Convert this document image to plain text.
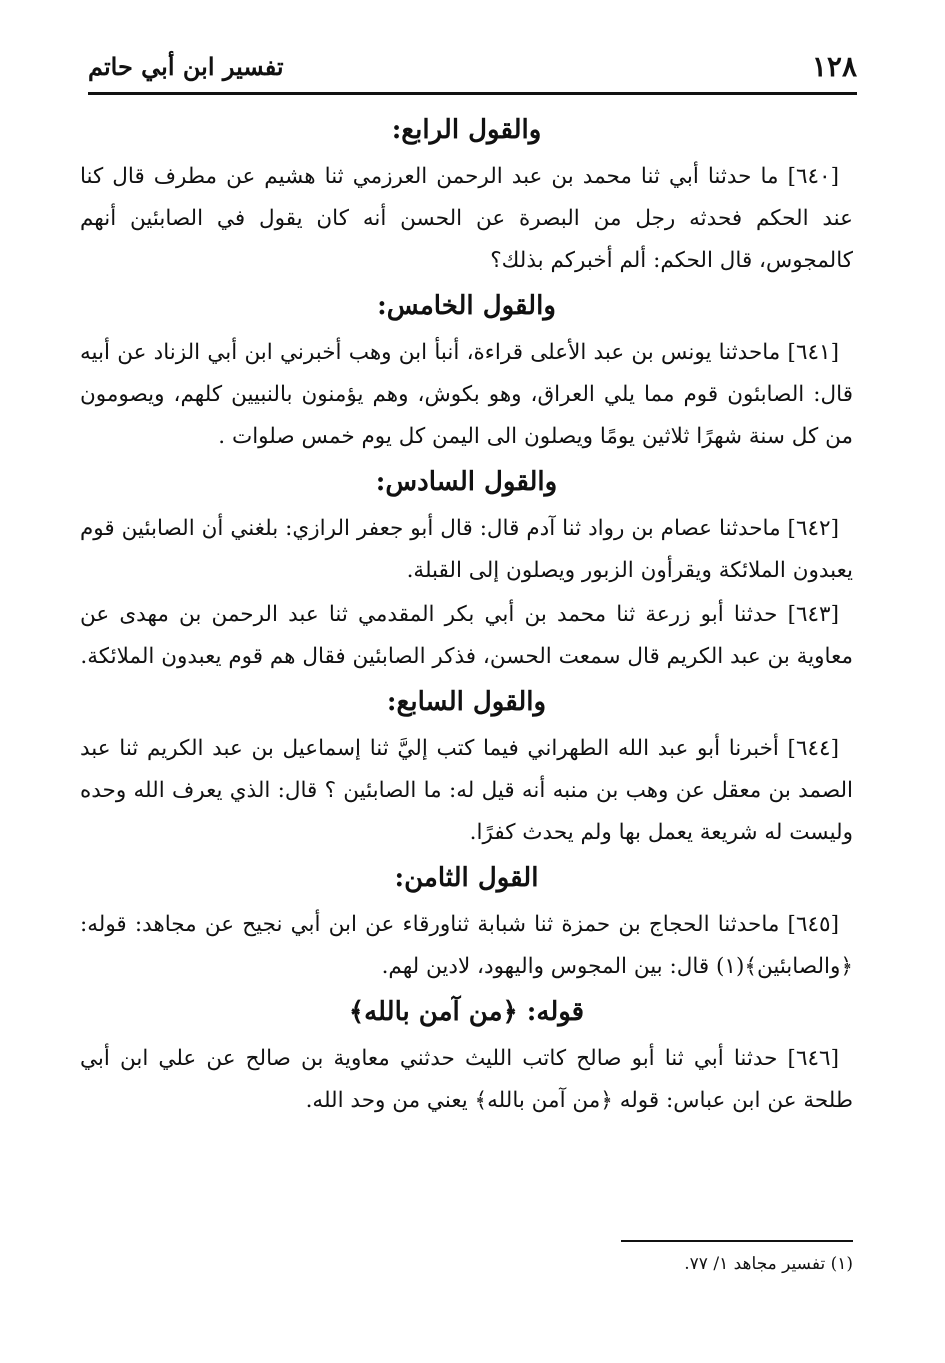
١٢٨
تفسير ابن أبي حاتم
والقول الرابع:

[٦٤٠] ما حدثنا أبي ثنا محمد بن عبد الرحمن العرزمي ثنا هشيم عن مطرف قال كنا عند الحكم فحدثه رجل من البصرة عن الحسن أنه كان يقول في الصابئين أنهم كالمجوس، قال الحكم: ألم أخبركم بذلك؟

والقول الخامس:

[٦٤١] ماحدثنا يونس بن عبد الأعلى قراءة، أنبأ ابن وهب أخبرني ابن أبي الزناد عن أبيه قال: الصابئون قوم مما يلي العراق، وهو بكوش، وهم يؤمنون بالنبيين كلهم، ويصومون من كل سنة شهرًا ثلاثين يومًا ويصلون الى اليمن كل يوم خمس صلوات .

والقول السادس:

[٦٤٢] ماحدثنا عصام بن رواد ثنا آدم قال: قال أبو جعفر الرازي: بلغني أن الصابئين قوم يعبدون الملائكة ويقرأون الزبور ويصلون إلى القبلة.

[٦٤٣] حدثنا أبو زرعة ثنا محمد بن أبي بكر المقدمي ثنا عبد الرحمن بن مهدى عن معاوية بن عبد الكريم قال سمعت الحسن، فذكر الصابئين فقال هم قوم يعبدون الملائكة.

والقول السابع:

[٦٤٤] أخبرنا أبو عبد الله الطهراني فيما كتب إليَّ ثنا إسماعيل بن عبد الكريم ثنا عبد الصمد بن معقل عن وهب بن منبه أنه قيل له: ما الصابئين ؟ قال: الذي يعرف الله وحده وليست له شريعة يعمل بها ولم يحدث كفرًا.

القول الثامن:

[٦٤٥] ماحدثنا الحجاج بن حمزة ثنا شبابة ثناورقاء عن ابن أبي نجيح عن مجاهد: قوله: ﴿والصابئين﴾(١) قال: بين المجوس واليهود، لادين لهم.

قوله: ﴿من آمن بالله﴾

[٦٤٦] حدثنا أبي ثنا أبو صالح كاتب الليث حدثني معاوية بن صالح عن علي ابن أبي طلحة عن ابن عباس: قوله ﴿من آمن بالله﴾ يعني من وحد الله.

(١) تفسير مجاهد ١/ ٧٧.
